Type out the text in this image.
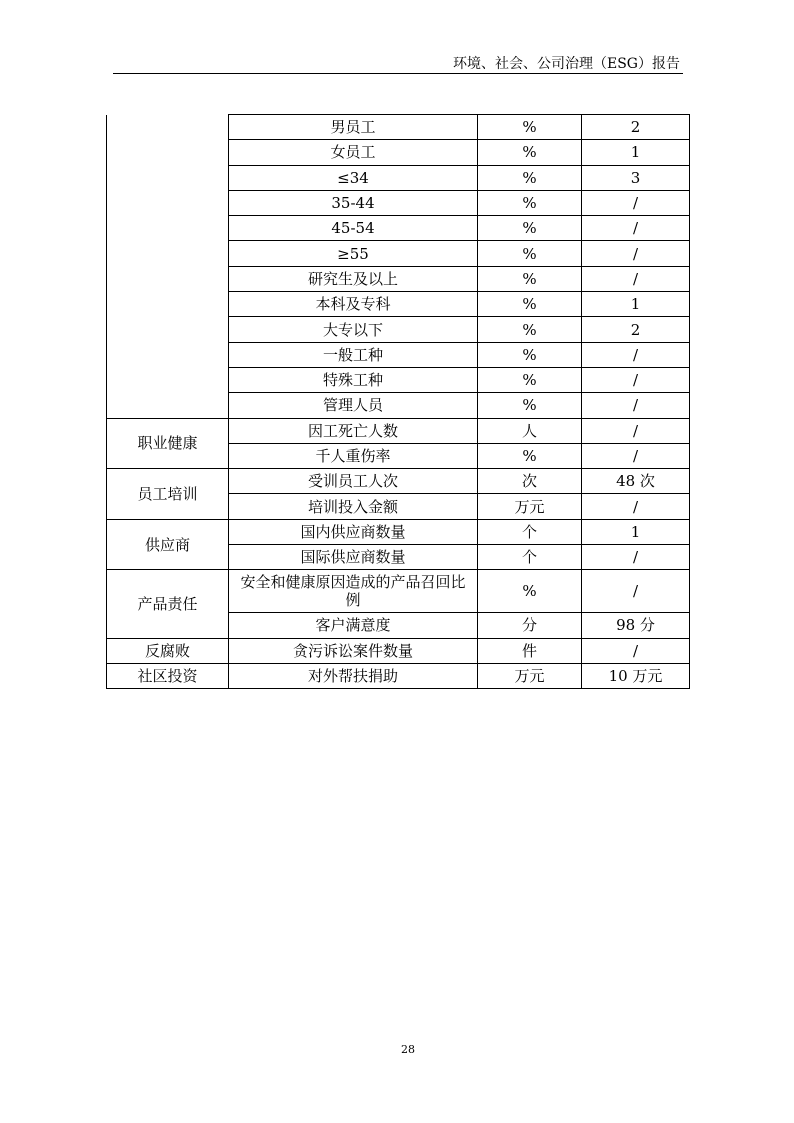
环境、社会、公司治理（ESG）报告
	男员工	%	2
	女员工	%	1
	≤34	%	3
	35-44	%	/
	45-54	%	/
	≥55	%	/
	研究生及以上	%	/
	本科及专科	%	1
	大专以下	%	2
	一般工种	%	/
	特殊工种	%	/
	管理人员	%	/
职业健康	因工死亡人数	人	/
	千人重伤率	%	/
员工培训	受训员工人次	次	48 次
	培训投入金额	万元	/
供应商	国内供应商数量	个	1
	国际供应商数量	个	/
产品责任	安全和健康原因造成的产品召回比例	%	/
	客户满意度	分	98 分
反腐败	贪污诉讼案件数量	件	/
社区投资	对外帮扶捐助	万元	10 万元
28
